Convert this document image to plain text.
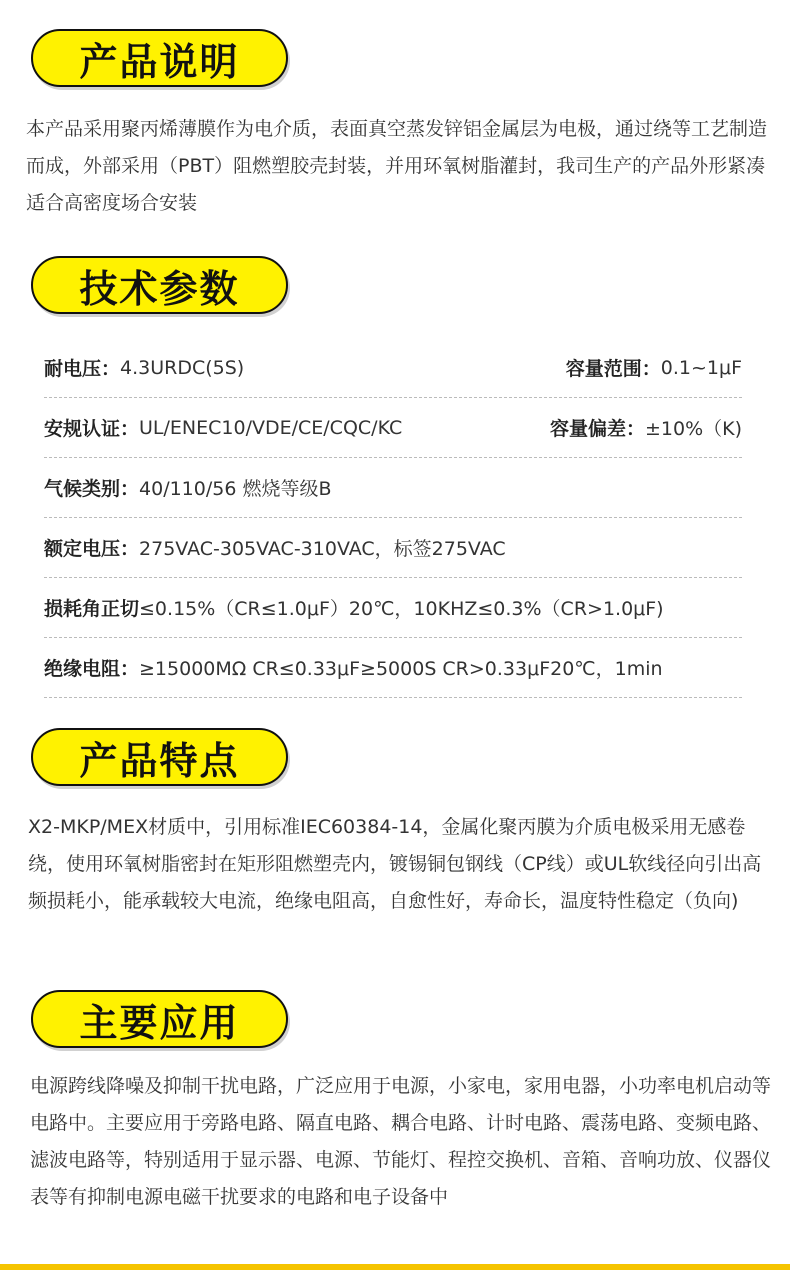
产品说明

本产品采用聚丙烯薄膜作为电介质，表面真空蒸发锌铝金属层为电极，通过绕等工艺制造而成，外部采用（PBT）阻燃塑胶壳封装，并用环氧树脂灌封，我司生产的产品外形紧凑适合高密度场合安装

技术参数
耐电压： 4.3URDC(5S)	容量范围： 0.1~1μF
安规认证： UL/ENEC10/VDE/CE/CQC/KC	容量偏差： ±10%（K)
气候类别： 40/110/56 燃烧等级B
额定电压： 275VAC-305VAC-310VAC，标签275VAC
损耗角正切 ≤0.15%（CR≤1.0μF）20℃，10KHZ≤0.3%（CR>1.0μF)
绝缘电阻： ≥15000MΩ CR≤0.33μF≥5000S CR>0.33μF20℃，1min
产品特点

X2-MKP/MEX材质中，引用标准IEC60384-14，金属化聚丙膜为介质电极采用无感卷绕，使用环氧树脂密封在矩形阻燃塑壳内，镀锡铜包钢线（CP线）或UL软线径向引出高频损耗小，能承载较大电流，绝缘电阻高，自愈性好，寿命长，温度特性稳定（负向)

主要应用

电源跨线降噪及抑制干扰电路，广泛应用于电源，小家电，家用电器，小功率电机启动等电路中。主要应用于旁路电路、隔直电路、耦合电路、计时电路、震荡电路、变频电路、滤波电路等，特别适用于显示器、电源、节能灯、程控交换机、音箱、音响功放、仪器仪表等有抑制电源电磁干扰要求的电路和电子设备中
